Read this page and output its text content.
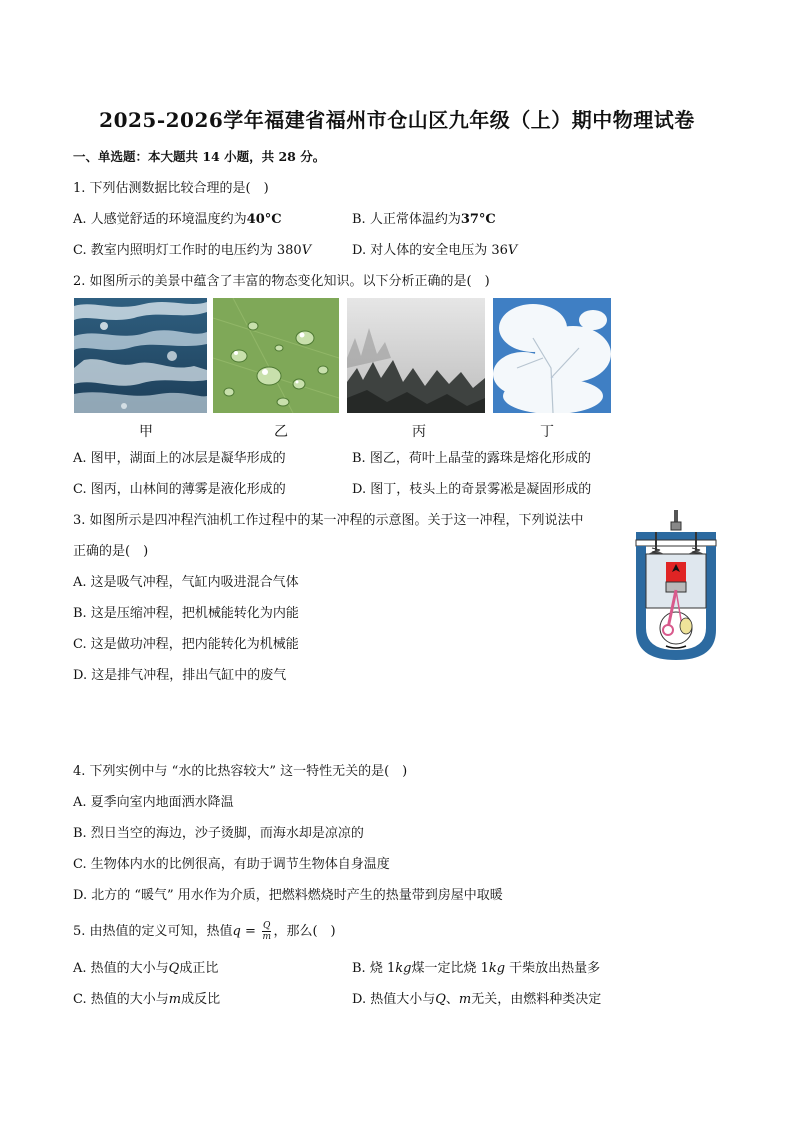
2025-2026学年福建省福州市仓山区九年级（上）期中物理试卷
一、单选题：本大题共 14 小题，共 28 分。
1. 下列估测数据比较合理的是(　)
A. 人感觉舒适的环境温度约为40°C	B. 人正常体温约为37°C
C. 教室内照明灯工作时的电压约为 380V	D. 对人体的安全电压为 36V
2. 如图所示的美景中蕴含了丰富的物态变化知识。以下分析正确的是(　)
甲	乙	丙	丁
A. 图甲，湖面上的冰层是凝华形成的	B. 图乙，荷叶上晶莹的露珠是熔化形成的
C. 图丙，山林间的薄雾是液化形成的	D. 图丁，枝头上的奇景雾凇是凝固形成的
3. 如图所示是四冲程汽油机工作过程中的某一冲程的示意图。关于这一冲程，下列说法中
正确的是(　)
A. 这是吸气冲程，气缸内吸进混合气体
B. 这是压缩冲程，把机械能转化为内能
C. 这是做功冲程，把内能转化为机械能
D. 这是排气冲程，排出气缸中的废气
4. 下列实例中与 “水的比热容较大” 这一特性无关的是(　)
A. 夏季向室内地面洒水降温
B. 烈日当空的海边，沙子烫脚，而海水却是凉凉的
C. 生物体内水的比例很高，有助于调节生物体自身温度
D. 北方的 “暖气” 用水作为介质，把燃料燃烧时产生的热量带到房屋中取暖
5. 由热值的定义可知，热值$q = \frac{Q}{m}$ ，那么(　)
A. 热值的大小与Q成正比	B. 烧 1kg煤一定比烧 1kg 干柴放出热量多
C. 热值的大小与m成反比	D. 热值大小与Q、m无关，由燃料种类决定
